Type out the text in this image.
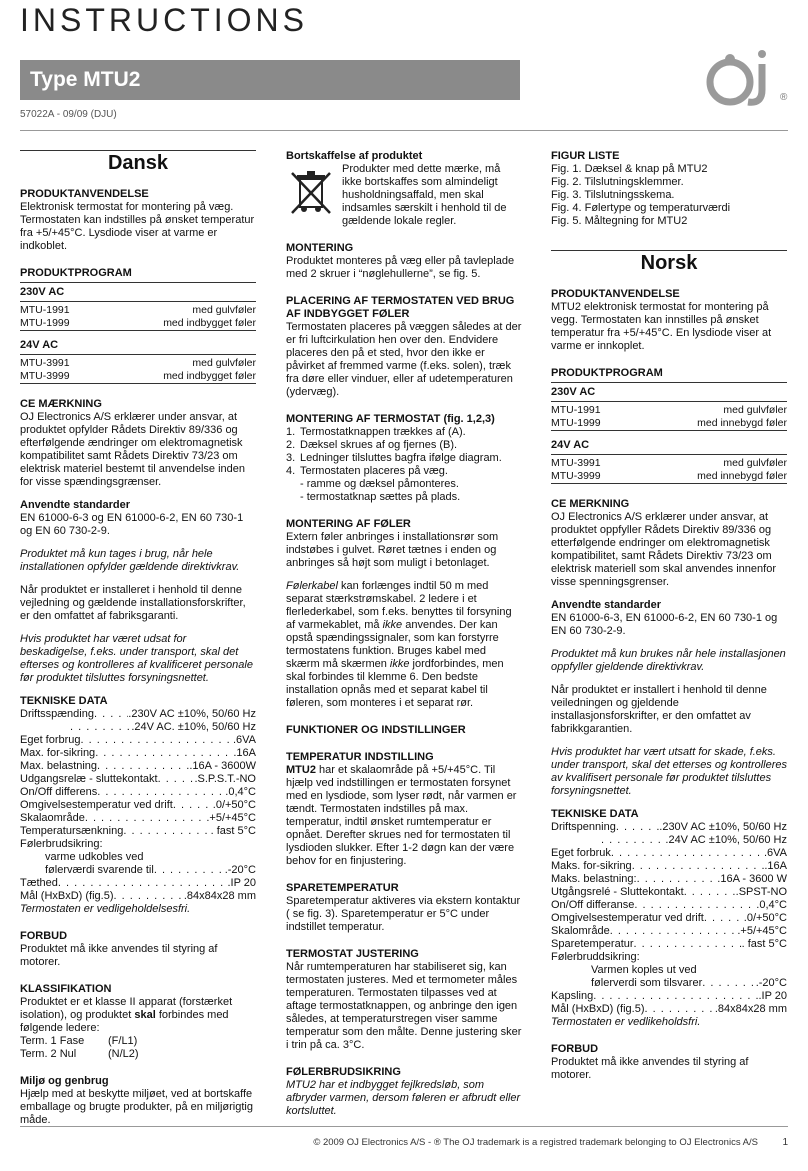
INSTRUCTIONS
Type MTU2
57022A - 09/09 (DJU)
®
OJ
Dansk
PRODUKTANVENDELSE
Elektronisk termostat for montering på væg. Termostaten kan indstilles på ønsket temperatur fra +5/+45°C. Lysdiode viser at varme er indkoblet.
PRODUKTPROGRAM
230V AC
MTU-1991	med gulvføler
MTU-1999	med indbygget føler
24V AC
MTU-3991	med gulvføler
MTU-3999	med indbygget føler
CE MÆRKNING
OJ Electronics A/S erklærer under ansvar, at produktet opfylder Rådets Direktiv 89/336 og efterfølgende ændringer om elektromagnetisk kompatibilitet samt Rådets Direktiv 73/23 om elektrisk materiel bestemt til anvendelse inden for visse spændingsgrænser.
Anvendte standarder
EN 61000-6-3 og EN 61000-6-2, EN 60 730-1 og EN 60 730-2-9.
Produktet må kun tages i brug, når hele installationen opfylder gældende direktivkrav.
Når produktet er installeret i henhold til denne vejledning og gældende installationsforskrifter, er den omfattet af fabriksgaranti.
Hvis produktet har været udsat for beskadigelse, f.eks. under transport, skal det efterses og kontrolleres af kvalificeret personale før produktet tilsluttes forsyningsnettet.
TEKNISKE DATA
Driftsspænding . . .	.230V AC ±10%, 50/60 Hz
. . .
.24V AC. ±10%, 50/60 Hz
Eget forbrug . . .	.6VA
Max. for-sikring . . .	.16A
Max. belastning . . .	.16A - 3600W
Udgangsrelæ - sluttekontakt . . .	.S.P.S.T.-NO
On/Off differens . . .	.0,4°C
Omgivelsestemperatur ved drift . . .	.0/+50°C
Skalaområde . . .	.+5/+45°C
Temperatursænkning . . .	. fast 5°C
Følerbrudsikring:
varme udkobles ved
følerværdi svarende til . . .	.-20°C
Tæthed . . .	.IP 20
Mål (HxBxD) (fig.5) . . .	.84x84x28 mm
Termostaten er vedligeholdelsesfri.
FORBUD
Produktet må ikke anvendes til styring af motorer.
KLASSIFIKATION
Produktet er et klasse II apparat (forstærket isolation), og produktet skal forbindes med følgende ledere:
Term. 1 Fase	(F/L1)
Term. 2 Nul	(N/L2)
Miljø og genbrug
Hjælp med at beskytte miljøet, ved at bortskaffe emballage og brugte produkter, på en miljørigtig måde.
Bortskaffelse af produktet
Produkter med dette mærke, må ikke bortskaffes som almindeligt husholdningsaffald, men skal indsamles særskilt i henhold til de gældende lokale regler.
MONTERING
Produktet monteres på væg eller på tavleplade med 2 skruer i “nøglehullerne”, se fig. 5.
PLACERING AF TERMOSTATEN VED BRUG AF INDBYGGET FØLER
Termostaten placeres på væggen således at der er fri luftcirkulation hen over den. Endvidere placeres den på et sted, hvor den ikke er påvirket af fremmed varme (f.eks. solen), træk fra døre eller vinduer, eller af udetemperaturen (ydervæg).
MONTERING AF TERMOSTAT (fig. 1,2,3)
1. Termostatknappen trækkes af (A).
2. Dæksel skrues af og fjernes (B).
3. Ledninger tilsluttes bagfra ifølge diagram.
4. Termostaten placeres på væg.
- ramme og dæksel påmonteres.
- termostatknap sættes på plads.
MONTERING AF FØLER
Extern føler anbringes i installationsrør som indstøbes i gulvet. Røret tætnes i enden og anbringes så højt som muligt i betonlaget.
Følerkabel kan forlænges indtil 50 m med separat stærkstrømskabel. 2 ledere i et flerlederkabel, som f.eks. benyttes til forsyning af varmekablet, må ikke anvendes. Der kan opstå spændingssignaler, som kan forstyrre termostatens funktion. Bruges kabel med skærm må skærmen ikke jordforbindes, men skal forbindes til klemme 6. Den bedste installation opnås med et separat kabel til føleren, som monteres i et separat rør.
FUNKTIONER OG INDSTILLINGER
TEMPERATUR INDSTILLING
MTU2 har et skalaområde på +5/+45°C. Til hjælp ved indstillingen er termostaten forsynet med en lysdiode, som lyser rødt, når varmen er tændt. Termostaten indstilles på max. temperatur, indtil ønsket rumtemperatur er opnået. Derefter skrues ned for termostaten til lysdioden slukker. Efter 1-2 døgn kan der være behov for en finjustering.
SPARETEMPERATUR
Sparetemperatur aktiveres via ekstern kontaktur ( se fig. 3). Sparetemperatur er 5°C under indstillet temperatur.
TERMOSTAT JUSTERING
Når rumtemperaturen har stabiliseret sig, kan termostaten justeres. Med et termometer måles temperaturen. Termostaten tilpasses ved at aftage termostatknappen, og anbringe den igen således, at temperaturstregen viser samme temperatur som den målte. Denne justering sker i trin på ca. 3°C.
FØLERBRUDSIKRING
MTU2 har et indbygget fejlkredsløb, som afbryder varmen, dersom føleren er afbrudt eller kortsluttet.
FIGUR LISTE
Fig. 1. Dæksel & knap på MTU2
Fig. 2. Tilslutningsklemmer.
Fig. 3. Tilslutningsskema.
Fig. 4. Følertype og temperaturværdi
Fig. 5. Måltegning for MTU2
Norsk
PRODUKTANVENDELSE
MTU2 elektronisk termostat for montering på vegg. Termostaten kan innstilles på ønsket temperatur fra +5/+45°C. En lysdiode viser at varme er innkoplet.
PRODUKTPROGRAM
230V AC
MTU-1991	med gulvføler
MTU-1999	med innebygd føler
24V AC
MTU-3991	med gulvføler
MTU-3999	med innebygd føler
CE MERKNING
OJ Electronics A/S erklærer under ansvar, at produktet oppfyller Rådets Direktiv 89/336 og etterfølgende endringer om elektromagnetisk kompatibilitet, samt Rådets Direktiv 73/23 om elektrisk materiell som skal anvendes innenfor visse spenningsgrenser.
Anvendte standarder
EN 61000-6-3, EN 61000-6-2, EN 60 730-1 og EN 60 730-2-9.
Produktet må kun brukes når hele installasjonen oppfyller gjeldende direktivkrav.
Når produktet er installert i henhold til denne veiledningen og gjeldende installasjonsforskrifter, er den omfattet av fabrikkgarantien.
Hvis produktet har vært utsatt for skade, f.eks. under transport, skal det etterses og kontrolleres av kvalifisert personale før produktet tilsluttes forsyningsnettet.
TEKNISKE DATA
Driftspenning . . .	.230V AC ±10%, 50/60 Hz
. . .
.24V AC ±10%, 50/60 Hz
Eget forbruk . . .	.6VA
Maks. for-sikring . . .	.16A
Maks. belastning: . . .	.16A - 3600 W
Utgångsrelé - Sluttekontakt . . .	.SPST-NO
On/Off differanse . . .	.0,4°C
Omgivelsestemperatur ved drift . . .	.0/+50°C
Skalområde . . .	.+5/+45°C
Sparetemperatur . . .	. fast 5°C
Følerbruddsikring:
Varmen koples ut ved
følerverdi som tilsvarer . . .	.-20°C
Kapsling . . .	.IP 20
Mål (HxBxD) (fig.5) . . .	.84x84x28 mm
Termostaten er vedlikeholdsfri.
FORBUD
Produktet må ikke anvendes til styring af motorer.
© 2009 OJ Electronics A/S - ® The OJ trademark is a registred trademark belonging to OJ Electronics A/S	1
